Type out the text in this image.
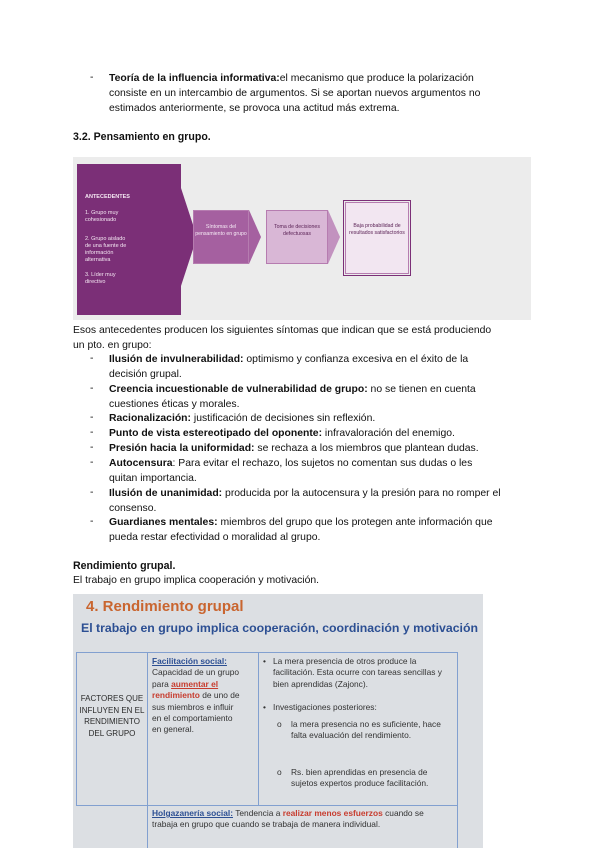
- Teoría de la influencia informativa:el mecanismo que produce la polarización
consiste en un intercambio de argumentos. Si se aportan nuevos argumentos no
estimados anteriormente, se provoca una actitud más extrema.
3.2. Pensamiento en grupo.
ANTECEDENTES
1. Grupo muy cohesionado
2. Grupo aislado de una fuente de información alternativa
3. Líder muy directivo
Síntomas del pensamiento en grupo
Toma de decisiones defectuosas
Baja probabilidad de resultados satisfactorios
Esos antecedentes producen los siguientes síntomas que indican que se está produciendo
un pto. en grupo:
- Ilusión de invulnerabilidad: optimismo y confianza excesiva en el éxito de la
decisión grupal.
- Creencia incuestionable de vulnerabilidad de grupo: no se tienen en cuenta
cuestiones éticas y morales.
- Racionalización: justificación de decisiones sin reflexión.
- Punto de vista estereotipado del oponente: infravaloración del enemigo.
- Presión hacia la uniformidad: se rechaza a los miembros que plantean dudas.
- Autocensura: Para evitar el rechazo, los sujetos no comentan sus dudas o les
quitan importancia.
- Ilusión de unanimidad: producida por la autocensura y la presión para no romper el
consenso.
- Guardianes mentales: miembros del grupo que los protegen ante información que
pueda restar efectividad o moralidad al grupo.
Rendimiento grupal.
El trabajo en grupo implica cooperación y motivación.
4. Rendimiento grupal
El trabajo en grupo implica cooperación, coordinación y motivación
FACTORES QUE INFLUYEN EN EL RENDIMIENTO DEL GRUPO
Facilitación social:
Capacidad de un grupo
para aumentar el
rendimiento de uno de
sus miembros e influir
en el comportamiento
en general.
• La mera presencia de otros produce la facilitación. Esta ocurre con tareas sencillas y bien aprendidas (Zajonc).
• Investigaciones posteriores:
o	la mera presencia no es suficiente, hace falta evaluación del rendimiento.
o	Rs. bien aprendidas en presencia de sujetos expertos produce facilitación.
Holgazanería social: Tendencia a realizar menos esfuerzos cuando se
trabaja en grupo que cuando se trabaja de manera individual.
